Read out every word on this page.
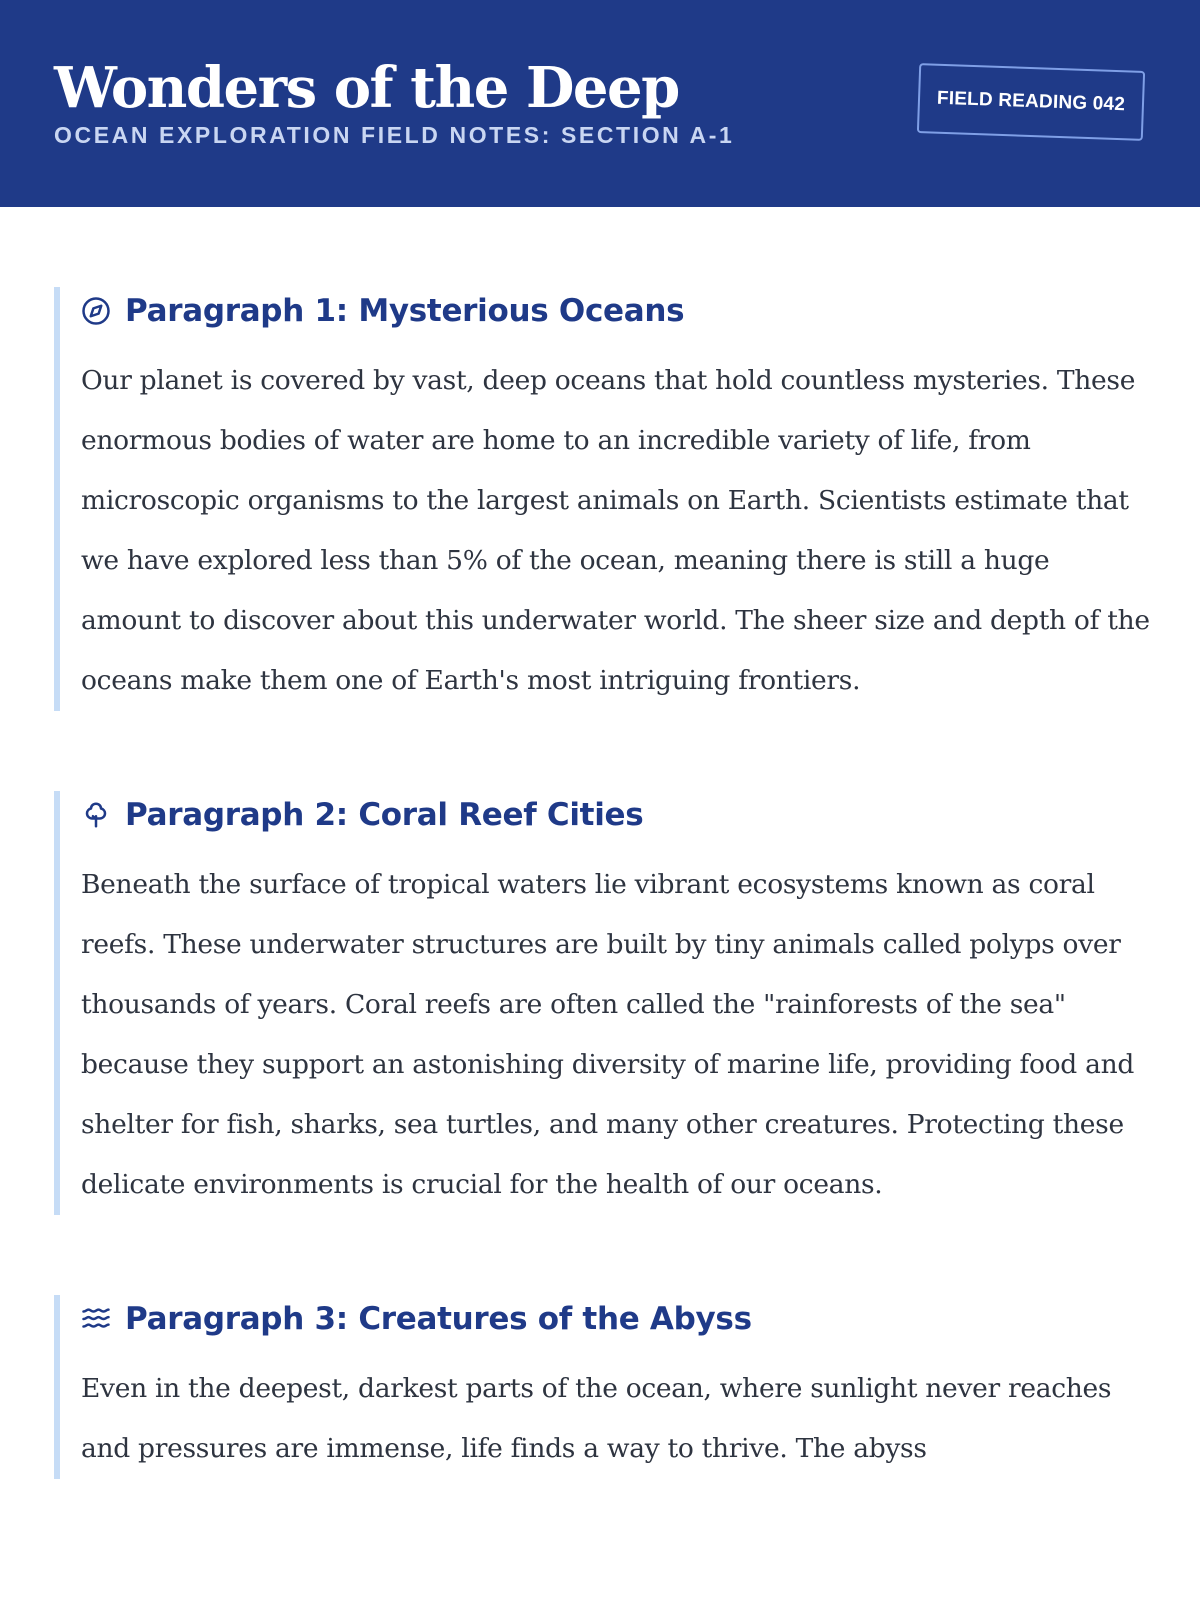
Wonders of the Deep
OCEAN EXPLORATION FIELD NOTES: SECTION A-1
FIELD READING 042
Paragraph 1: Mysterious Oceans

Our planet is covered by vast, deep oceans that hold countless mysteries. These enormous bodies of water are home to an incredible variety of life, from microscopic organisms to the largest animals on Earth. Scientists estimate that we have explored less than 5% of the ocean, meaning there is still a huge amount to discover about this underwater world. The sheer size and depth of the oceans make them one of Earth's most intriguing frontiers.

Paragraph 2: Coral Reef Cities

Beneath the surface of tropical waters lie vibrant ecosystems known as coral reefs. These underwater structures are built by tiny animals called polyps over thousands of years. Coral reefs are often called the "rainforests of the sea" because they support an astonishing diversity of marine life, providing food and shelter for fish, sharks, sea turtles, and many other creatures. Protecting these delicate environments is crucial for the health of our oceans.

Paragraph 3: Creatures of the Abyss

Even in the deepest, darkest parts of the ocean, where sunlight never reaches and pressures are immense, life finds a way to thrive. The abyss
